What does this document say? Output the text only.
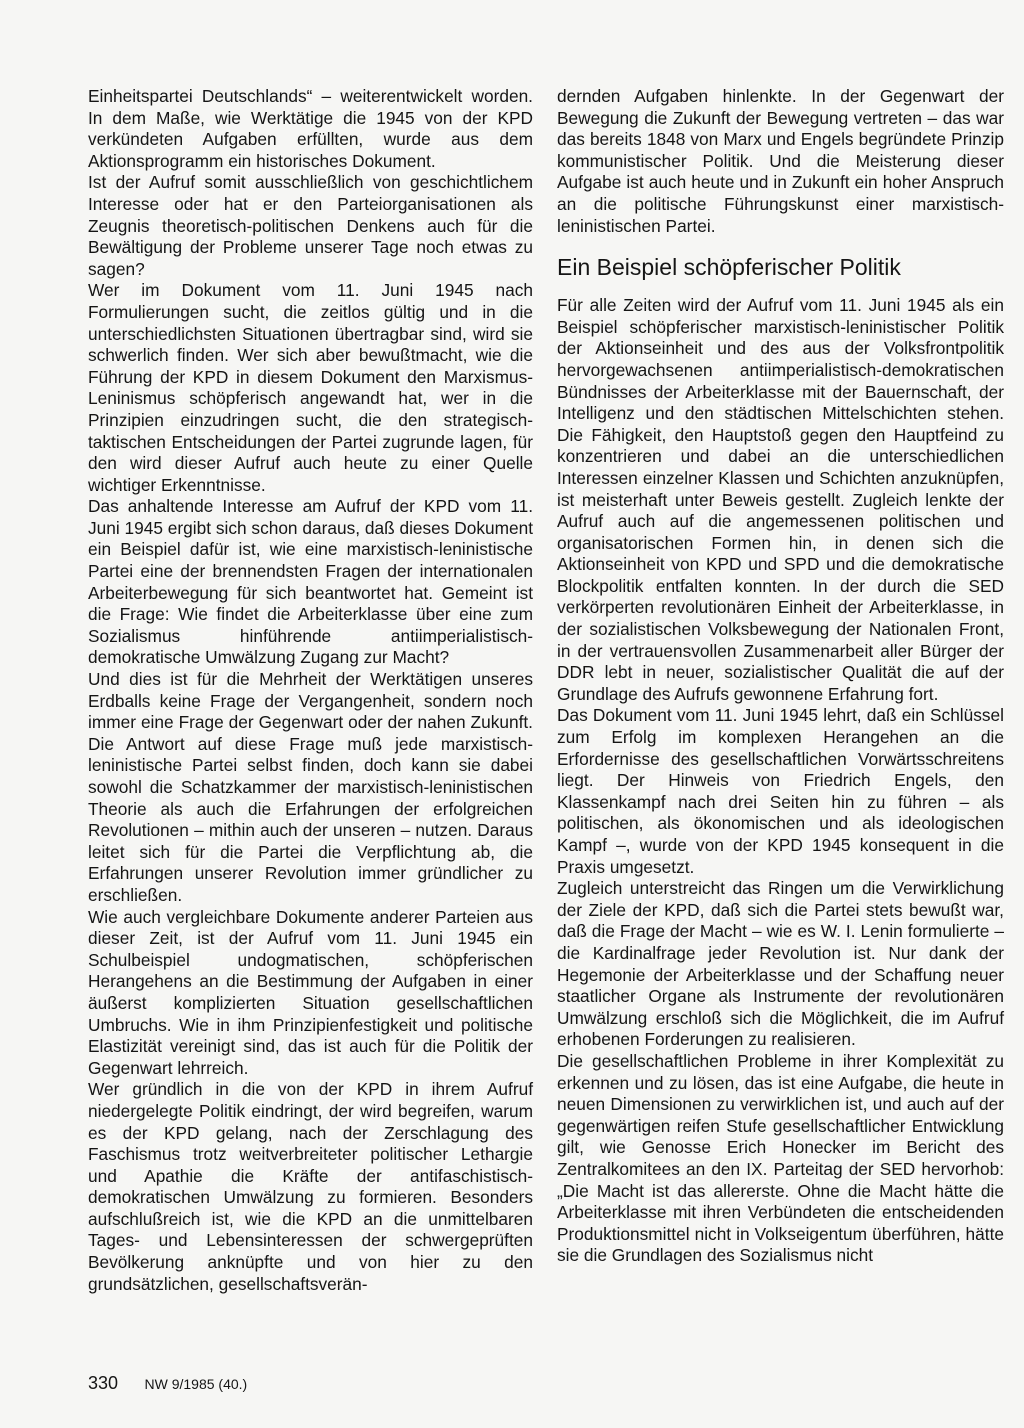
Einheitspartei Deutschlands“ – weiterentwickelt worden. In dem Maße, wie Werktätige die 1945 von der KPD verkündeten Aufgaben erfüllten, wurde aus dem Aktionsprogramm ein historisches Dokument.

Ist der Aufruf somit ausschließlich von geschichtlichem Interesse oder hat er den Parteiorganisationen als Zeugnis theoretisch-politischen Denkens auch für die Bewältigung der Probleme unserer Tage noch etwas zu sagen?

Wer im Dokument vom 11. Juni 1945 nach Formulierungen sucht, die zeitlos gültig und in die unterschiedlichsten Situationen übertragbar sind, wird sie schwerlich finden. Wer sich aber bewußtmacht, wie die Führung der KPD in diesem Dokument den Marxismus-Leninismus schöpferisch angewandt hat, wer in die Prinzipien einzudringen sucht, die den strategisch-taktischen Entscheidungen der Partei zugrunde lagen, für den wird dieser Aufruf auch heute zu einer Quelle wichtiger Erkenntnisse.

Das anhaltende Interesse am Aufruf der KPD vom 11. Juni 1945 ergibt sich schon daraus, daß dieses Dokument ein Beispiel dafür ist, wie eine marxistisch-leninistische Partei eine der brennendsten Fragen der internationalen Arbeiterbewegung für sich beantwortet hat. Gemeint ist die Frage: Wie findet die Arbeiterklasse über eine zum Sozialismus hinführende antiimperialistisch-demokratische Umwälzung Zugang zur Macht?

Und dies ist für die Mehrheit der Werktätigen unseres Erdballs keine Frage der Vergangenheit, sondern noch immer eine Frage der Gegenwart oder der nahen Zukunft. Die Antwort auf diese Frage muß jede marxistisch-leninistische Partei selbst finden, doch kann sie dabei sowohl die Schatzkammer der marxistisch-leninistischen Theorie als auch die Erfahrungen der erfolgreichen Revolutionen – mithin auch der unseren – nutzen. Daraus leitet sich für die Partei die Verpflichtung ab, die Erfahrungen unserer Revolution immer gründlicher zu erschließen.

Wie auch vergleichbare Dokumente anderer Parteien aus dieser Zeit, ist der Aufruf vom 11. Juni 1945 ein Schulbeispiel undogmatischen, schöpferischen Herangehens an die Bestimmung der Aufgaben in einer äußerst komplizierten Situation gesellschaftlichen Umbruchs. Wie in ihm Prinzipienfestigkeit und politische Elastizität vereinigt sind, das ist auch für die Politik der Gegenwart lehrreich.

Wer gründlich in die von der KPD in ihrem Aufruf niedergelegte Politik eindringt, der wird begreifen, warum es der KPD gelang, nach der Zerschlagung des Faschismus trotz weitverbreiteter politischer Lethargie und Apathie die Kräfte der antifaschistisch-demokratischen Umwälzung zu formieren. Besonders aufschlußreich ist, wie die KPD an die unmittelbaren Tages- und Lebensinteressen der schwergeprüften Bevölkerung anknüpfte und von hier zu den grundsätzlichen, gesellschaftsverän-

dernden Aufgaben hinlenkte. In der Gegenwart der Bewegung die Zukunft der Bewegung vertreten – das war das bereits 1848 von Marx und Engels begründete Prinzip kommunistischer Politik. Und die Meisterung dieser Aufgabe ist auch heute und in Zukunft ein hoher Anspruch an die politische Führungskunst einer marxistisch-leninistischen Partei.

Ein Beispiel schöpferischer Politik

Für alle Zeiten wird der Aufruf vom 11. Juni 1945 als ein Beispiel schöpferischer marxistisch-leninistischer Politik der Aktionseinheit und des aus der Volksfrontpolitik hervorgewachsenen antiimperialistisch-demokratischen Bündnisses der Arbeiterklasse mit der Bauernschaft, der Intelligenz und den städtischen Mittelschichten stehen. Die Fähigkeit, den Hauptstoß gegen den Hauptfeind zu konzentrieren und dabei an die unterschiedlichen Interessen einzelner Klassen und Schichten anzuknüpfen, ist meisterhaft unter Beweis gestellt. Zugleich lenkte der Aufruf auch auf die angemessenen politischen und organisatorischen Formen hin, in denen sich die Aktionseinheit von KPD und SPD und die demokratische Blockpolitik entfalten konnten. In der durch die SED verkörperten revolutionären Einheit der Arbeiterklasse, in der sozialistischen Volksbewegung der Nationalen Front, in der vertrauensvollen Zusammenarbeit aller Bürger der DDR lebt in neuer, sozialistischer Qualität die auf der Grundlage des Aufrufs gewonnene Erfahrung fort.

Das Dokument vom 11. Juni 1945 lehrt, daß ein Schlüssel zum Erfolg im komplexen Herangehen an die Erfordernisse des gesellschaftlichen Vorwärtsschreitens liegt. Der Hinweis von Friedrich Engels, den Klassenkampf nach drei Seiten hin zu führen – als politischen, als ökonomischen und als ideologischen Kampf –, wurde von der KPD 1945 konsequent in die Praxis umgesetzt.

Zugleich unterstreicht das Ringen um die Verwirklichung der Ziele der KPD, daß sich die Partei stets bewußt war, daß die Frage der Macht – wie es W. I. Lenin formulierte – die Kardinalfrage jeder Revolution ist. Nur dank der Hegemonie der Arbeiterklasse und der Schaffung neuer staatlicher Organe als Instrumente der revolutionären Umwälzung erschloß sich die Möglichkeit, die im Aufruf erhobenen Forderungen zu realisieren.

Die gesellschaftlichen Probleme in ihrer Komplexität zu erkennen und zu lösen, das ist eine Aufgabe, die heute in neuen Dimensionen zu verwirklichen ist, und auch auf der gegenwärtigen reifen Stufe gesellschaftlicher Entwicklung gilt, wie Genosse Erich Honecker im Bericht des Zentralkomitees an den IX. Parteitag der SED hervorhob: „Die Macht ist das allererste. Ohne die Macht hätte die Arbeiterklasse mit ihren Verbündeten die entscheidenden Produktionsmittel nicht in Volkseigentum überführen, hätte sie die Grundlagen des Sozialismus nicht

330 NW 9/1985 (40.)
